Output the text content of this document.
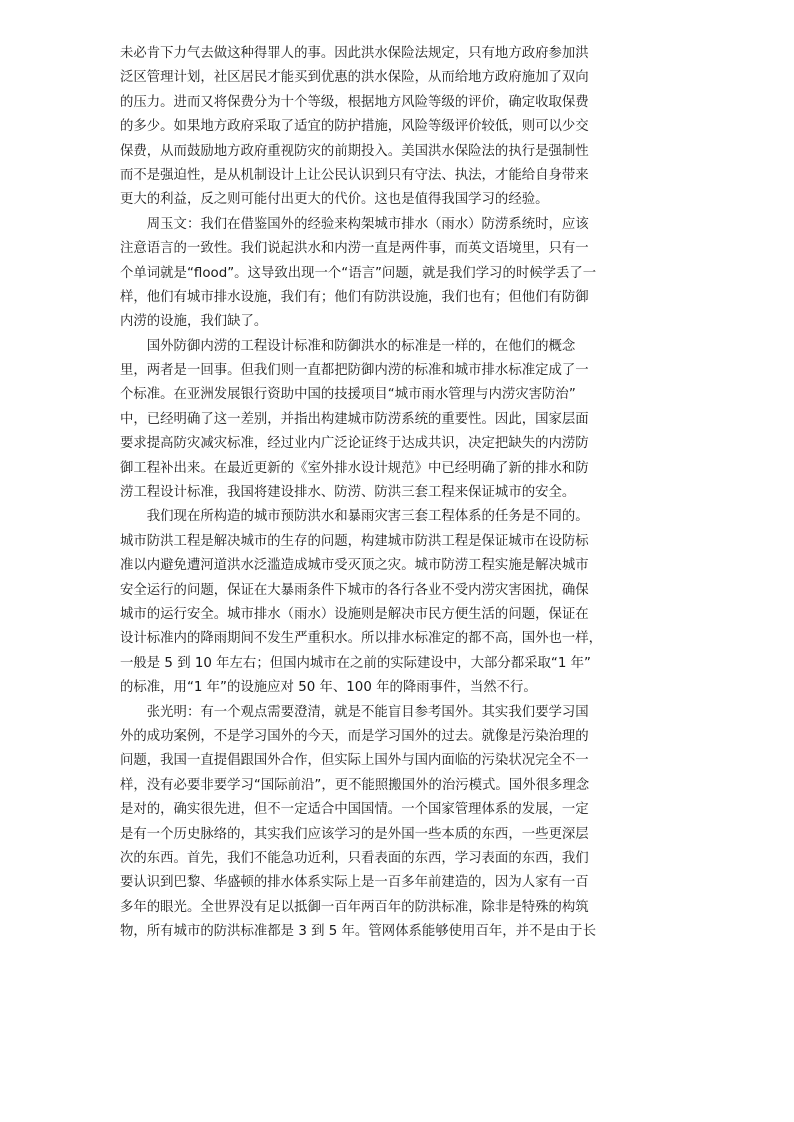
未必肯下力气去做这种得罪人的事。因此洪水保险法规定，只有地方政府参加洪
泛区管理计划，社区居民才能买到优惠的洪水保险，从而给地方政府施加了双向
的压力。进而又将保费分为十个等级，根据地方风险等级的评价，确定收取保费
的多少。如果地方政府采取了适宜的防护措施，风险等级评价较低，则可以少交
保费，从而鼓励地方政府重视防灾的前期投入。美国洪水保险法的执行是强制性
而不是强迫性，是从机制设计上让公民认识到只有守法、执法，才能给自身带来
更大的利益，反之则可能付出更大的代价。这也是值得我国学习的经验。
　　周玉文：我们在借鉴国外的经验来构架城市排水（雨水）防涝系统时，应该
注意语言的一致性。我们说起洪水和内涝一直是两件事，而英文语境里，只有一
个单词就是“flood”。这导致出现一个“语言”问题，就是我们学习的时候学丢了一
样，他们有城市排水设施，我们有；他们有防洪设施，我们也有；但他们有防御
内涝的设施，我们缺了。
　　国外防御内涝的工程设计标准和防御洪水的标准是一样的，在他们的概念
里，两者是一回事。但我们则一直都把防御内涝的标准和城市排水标准定成了一
个标准。在亚洲发展银行资助中国的技援项目“城市雨水管理与内涝灾害防治”
中，已经明确了这一差别，并指出构建城市防涝系统的重要性。因此，国家层面
要求提高防灾减灾标准，经过业内广泛论证终于达成共识，决定把缺失的内涝防
御工程补出来。在最近更新的《室外排水设计规范》中已经明确了新的排水和防
涝工程设计标准，我国将建设排水、防涝、防洪三套工程来保证城市的安全。
　　我们现在所构造的城市预防洪水和暴雨灾害三套工程体系的任务是不同的。
城市防洪工程是解决城市的生存的问题，构建城市防洪工程是保证城市在设防标
准以内避免遭河道洪水泛滥造成城市受灭顶之灾。城市防涝工程实施是解决城市
安全运行的问题，保证在大暴雨条件下城市的各行各业不受内涝灾害困扰，确保
城市的运行安全。城市排水（雨水）设施则是解决市民方便生活的问题，保证在
设计标准内的降雨期间不发生严重积水。所以排水标准定的都不高，国外也一样，
一般是 5 到 10 年左右；但国内城市在之前的实际建设中，大部分都采取“1 年”
的标准，用“1 年”的设施应对 50 年、100 年的降雨事件，当然不行。
　　张光明：有一个观点需要澄清，就是不能盲目参考国外。其实我们要学习国
外的成功案例，不是学习国外的今天，而是学习国外的过去。就像是污染治理的
问题，我国一直提倡跟国外合作，但实际上国外与国内面临的污染状况完全不一
样，没有必要非要学习“国际前沿”，更不能照搬国外的治污模式。国外很多理念
是对的，确实很先进，但不一定适合中国国情。一个国家管理体系的发展，一定
是有一个历史脉络的，其实我们应该学习的是外国一些本质的东西，一些更深层
次的东西。首先，我们不能急功近利，只看表面的东西，学习表面的东西，我们
要认识到巴黎、华盛顿的排水体系实际上是一百多年前建造的，因为人家有一百
多年的眼光。全世界没有足以抵御一百年两百年的防洪标准，除非是特殊的构筑
物，所有城市的防洪标准都是 3 到 5 年。管网体系能够使用百年，并不是由于长
